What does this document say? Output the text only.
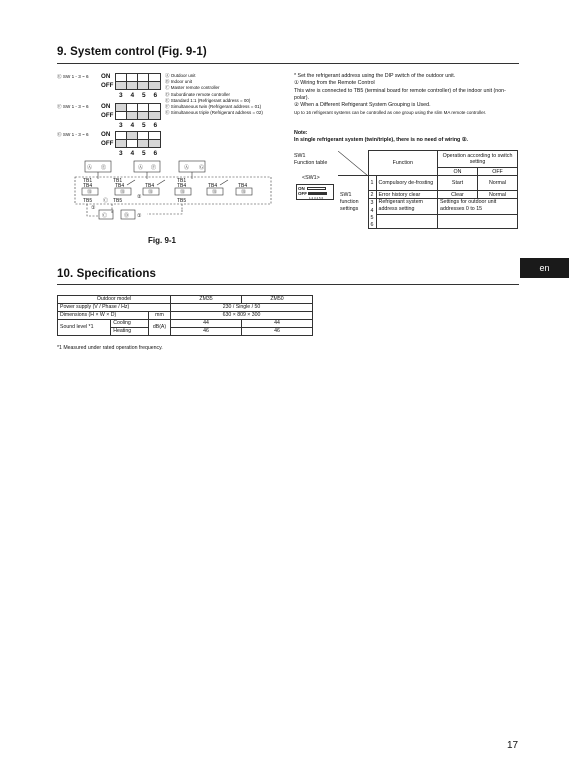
9. System control (Fig. 9-1)
Ⓔ SW 1 - 3 ~ 6 ON
OFF
3	4	5	6
Ⓕ SW 1 - 3 ~ 6 ON
OFF
3	4	5	6
Ⓖ SW 1 - 3 ~ 6 ON
OFF
3	4	5	6
Ⓐ Outdoor unit
Ⓑ Indoor unit
Ⓒ Master remote controller
Ⓓ Subordinate remote controller
Ⓔ Standard 1:1 (Refrigerant address = 00)
Ⓕ Simultaneous twin (Refrigerant address = 01)
Ⓖ Simultaneous triple (Refrigerant address = 02)
Ⓐ Ⓔ	Ⓐ Ⓕ	Ⓐ Ⓖ
TB1	TB1	TB1
TB4	TB4	TB4	TB4	TB4	TB4
Ⓑ	Ⓑ	Ⓑ	Ⓑ	Ⓑ	Ⓑ
②
TB5 Ⓒ TB5	TB5
①
Ⓒ	Ⓓ ①
Fig. 9-1
* Set the refrigerant address using the DIP switch of the outdoor unit.
① Wiring from the Remote Control
This wire is connected to TB5 (terminal board for remote controller) of the indoor unit (non-polar).
② When a Different Refrigerant System Grouping is Used.
Up to 16 refrigerant systems can be controlled as one group using the slim MA remote controller.
Note:
In single refrigerant system (twin/triple), there is no need of wiring ②.
SW1
Function table
<SW1>
ON
OFF
1 2 3 4 5 6
	Function		Operation according to switch setting	
			ON	OFF
SW1 function settings	1	Compulsory de-frosting	Start	Normal
	2	Error history clear	Clear	Normal
	3	Refrigerant system address setting	Settings for outdoor unit addresses 0 to 15	
	4			
	5			
	6			
10. Specifications	en
Outdoor model			ZM35	ZM50
Power supply (V / Phase / Hz)			230 / Single / 50	
Dimensions (H × W × D)		mm	630 × 809 × 300	
Sound level *1	Cooling	dB(A)	44	44
	Heating		46	46
*1 Measured under rated operation frequency.
17
